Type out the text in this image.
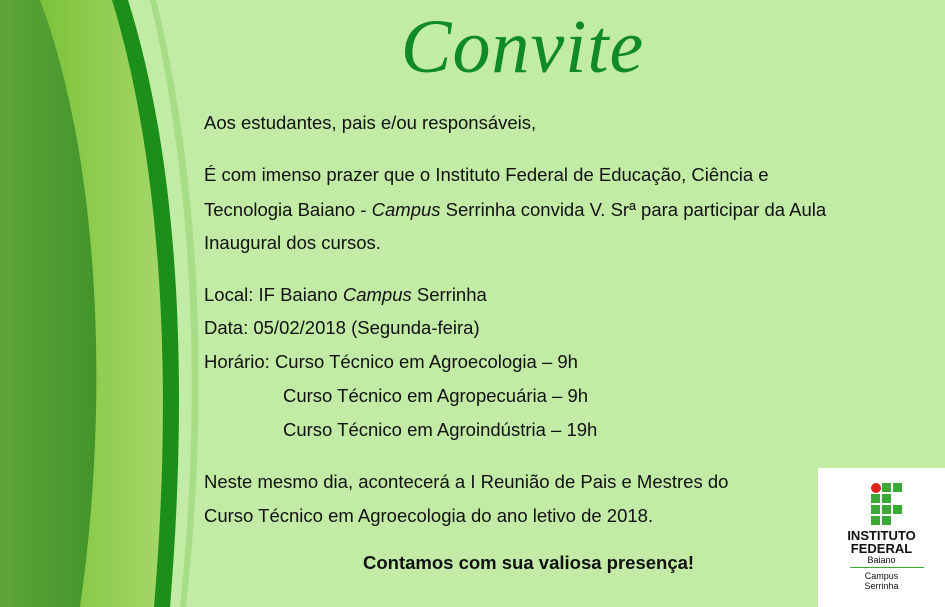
Convite
Aos estudantes, pais e/ou responsáveis,
É com imenso prazer que o Instituto Federal de Educação, Ciência e
Tecnologia Baiano - Campus Serrinha convida V. Srª para participar da Aula
Inaugural dos cursos.
Local: IF Baiano Campus Serrinha
Data: 05/02/2018 (Segunda-feira)
Horário: Curso Técnico em Agroecologia – 9h
Curso Técnico em Agropecuária – 9h
Curso Técnico em Agroindústria – 19h
Neste mesmo dia, acontecerá a I Reunião de Pais e Mestres do
Curso Técnico em Agroecologia do ano letivo de 2018.
Contamos com sua valiosa presença!
INSTITUTO
FEDERAL
Baiano
Campus
Serrinha
